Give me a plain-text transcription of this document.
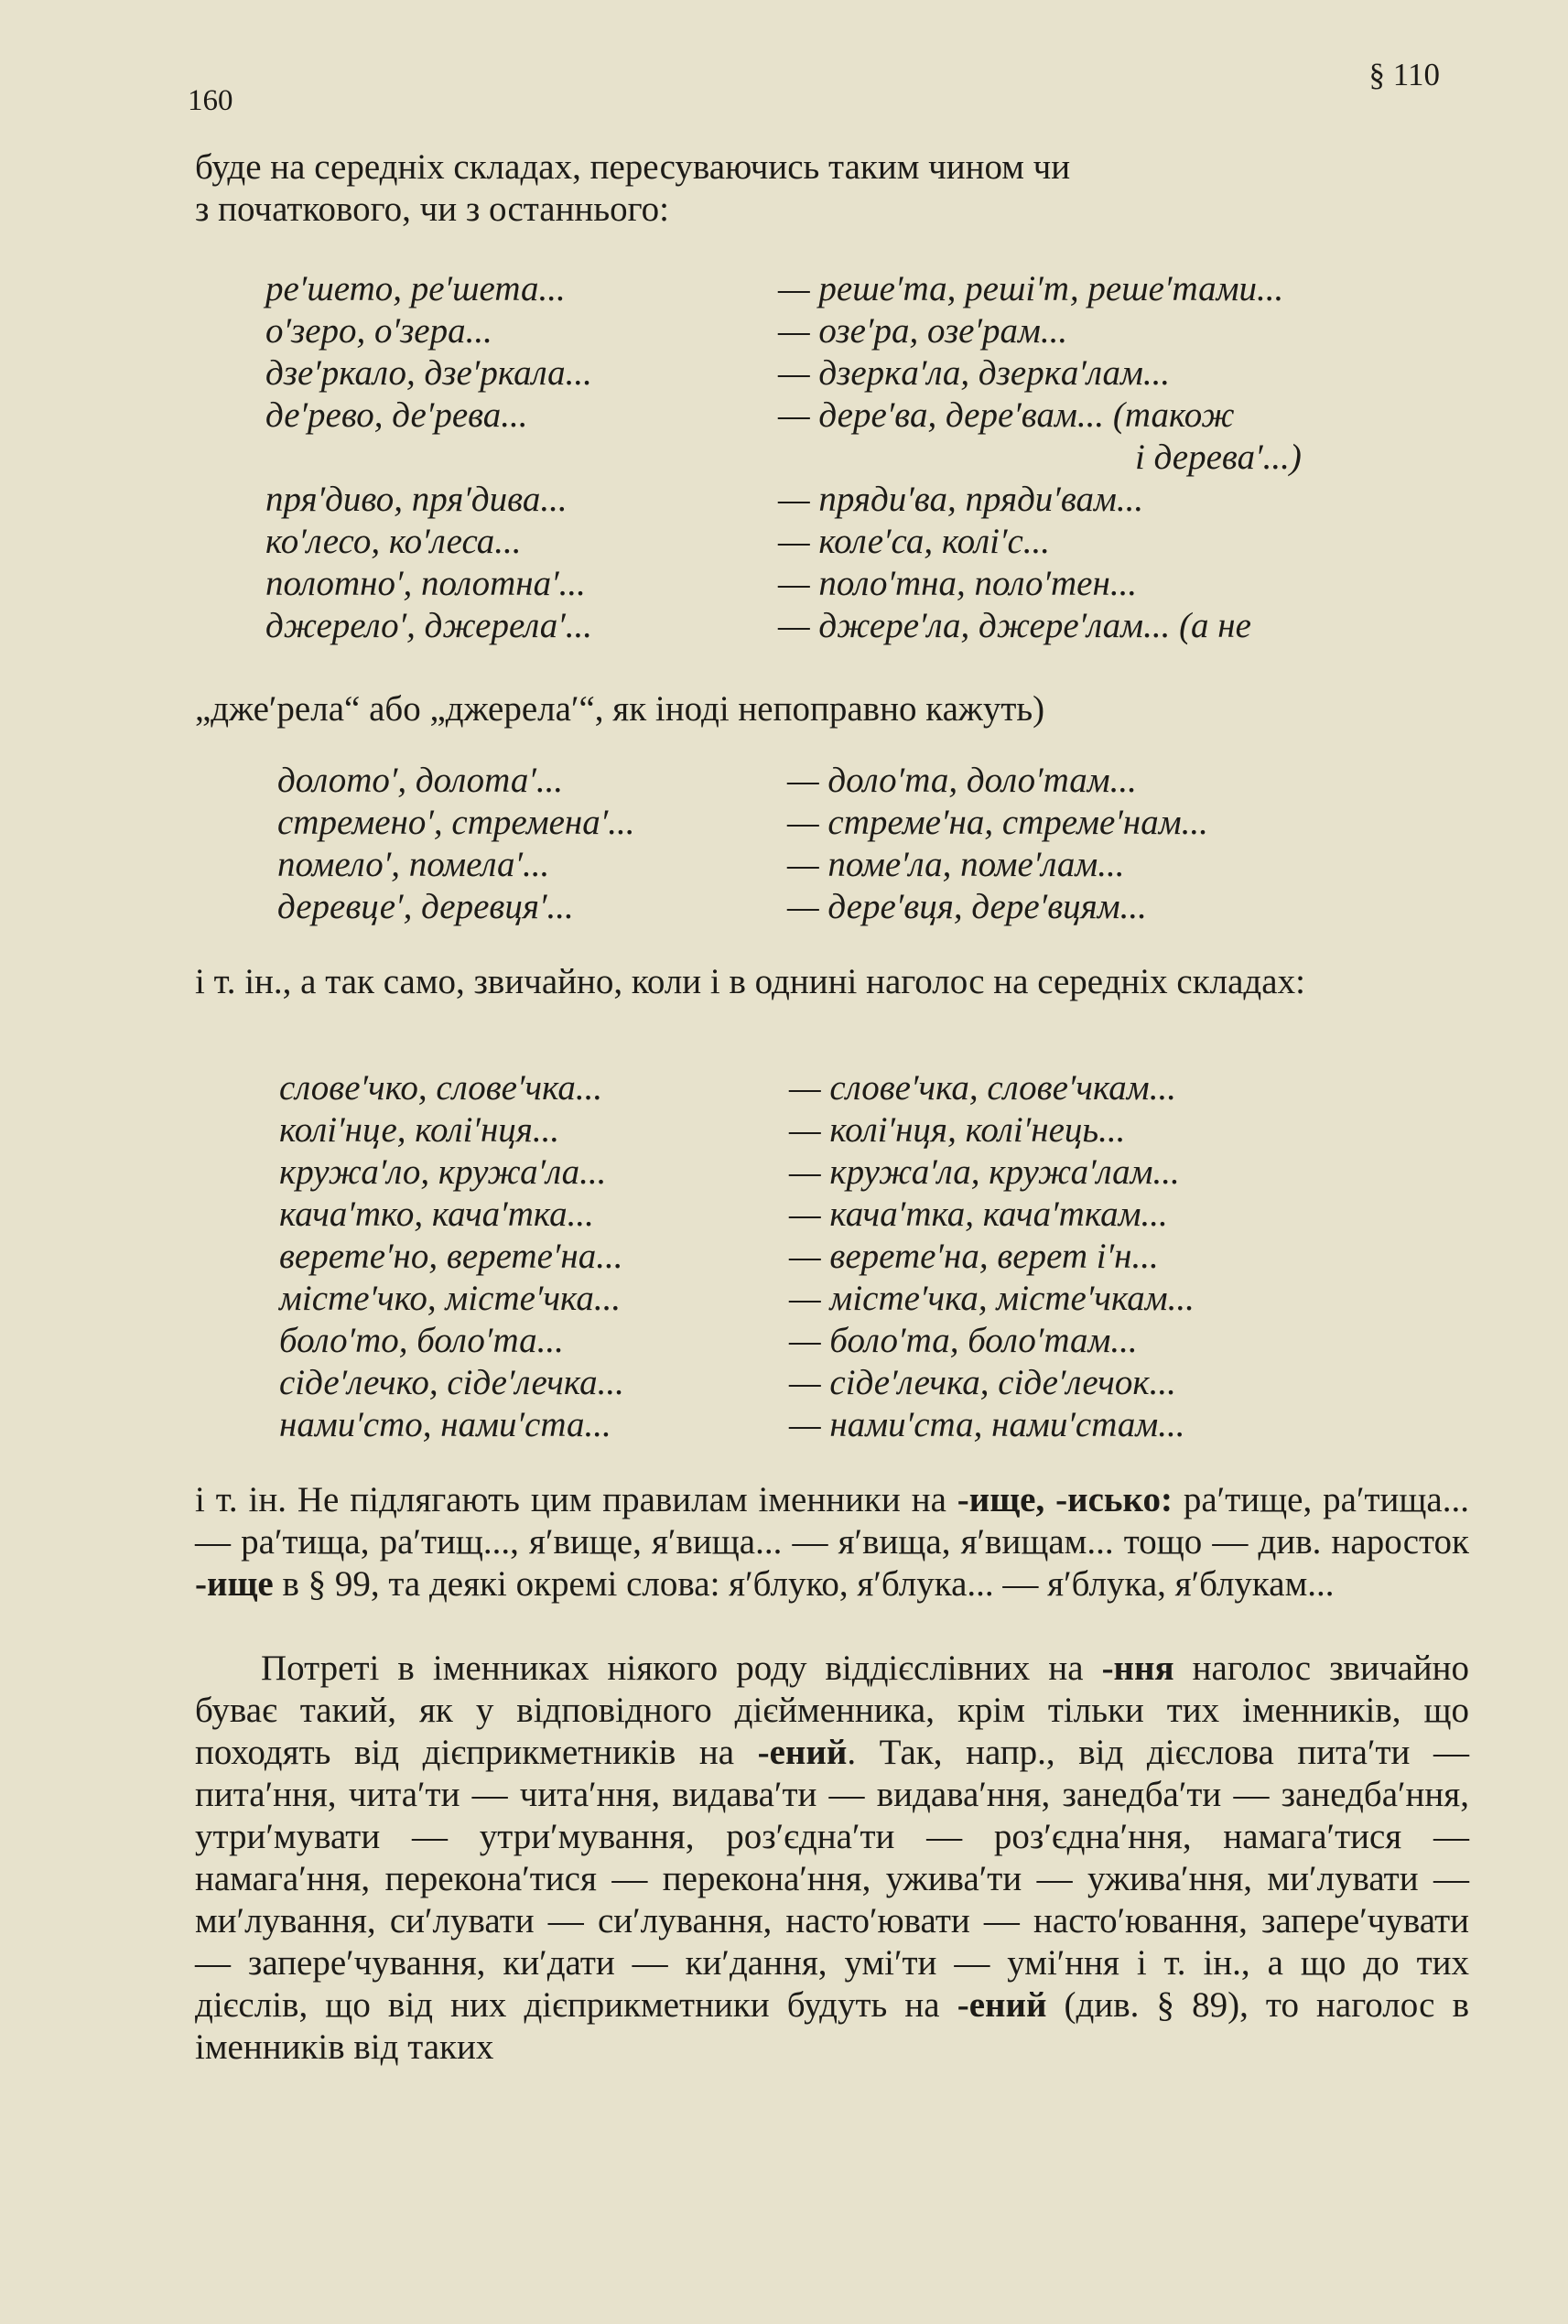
160
§ 110
буде на середніх складах, пересуваючись таким чином чи
з початкового, чи з останнього:
ре′шето, ре′шета...	— реше′та, решi′т, реше′тами...
о′зеро, о′зера...	— озе′ра, озе′рам...
дзе′ркало, дзе′ркала...	— дзеркa′ла, дзеркa′лам...
де′рево, де′рева...	— дере′ва, дере′вам... (також
і дерева′...)
пря′диво, пря′дива...	— пряди′ва, пряди′вам...
ко′лесо, ко′леса...	— коле′са, колi′с...
полотно′, полотна′...	— поло′тна, поло′тен...
джерело′, джерела′...	— джере′ла, джере′лам... (а не
„дже′рела“ або „джерела′“, як іноді непоправно кажуть)
долото′, долота′...	— доло′та, доло′там...
стремено′, стремена′...	— стреме′на, стреме′нам...
помело′, помела′...	— поме′ла, поме′лам...
деревце′, деревця′...	— дере′вця, дере′вцям...
і т. ін., а так само, звичайно, коли і в однині наголос на середніх складах:
слове′чко, слове′чка...	— слове′чка, слове′чкам...
колi′нце, колi′нця...	— колi′нця, колi′нець...
кружа′ло, кружа′ла...	— кружа′ла, кружа′лам...
кача′тко, кача′тка...	— кача′тка, кача′ткам...
верете′но, верете′на...	— верете′на, верет i′н...
місте′чко, місте′чка...	— місте′чка, місте′чкам...
боло′то, боло′та...	— боло′та, боло′там...
сіде′лечко, сіде′лечка...	— сіде′лечка, сіде′лечок...
нами′сто, нами′ста...	— нами′ста, нами′стам...
і т. ін. Не підлягають цим правилам іменники на -ище, -исько: ра′тище, ра′тища... — ра′тища, ра′тищ..., я′вище, я′вища... — я′вища, я′вищам... тощо — див. наросток -ище в § 99, та деякі окремі слова: я′блуко, я′блука... — я′блука, я′блукам...
Потреті в іменниках ніякого роду віддієслівних на -ння наголос звичайно буває такий, як у відповідного дієйменника, крім тільки тих іменників, що походять від дієприкметників на -ений. Так, напр., від дієслова пита′ти — пита′ння, чита′ти — чита′ння, видава′ти — видава′ння, занедба′ти — занедба′ння, утри′мувати — утри′мування, роз′єдна′ти — роз′єдна′ння, намага′тися — намага′ння, перекона′тися — перекона′ння, ужива′ти — ужива′ння, ми′лувати — ми′лування, си′лувати — си′лування, насто′ювати — насто′ювання, запере′чувати — запере′чування, ки′дати — ки′дання, умі′ти — умі′ння і т. ін., а що до тих дієслів, що від них дієприкметники будуть на -ений (див. § 89), то наголос в іменників від таких
